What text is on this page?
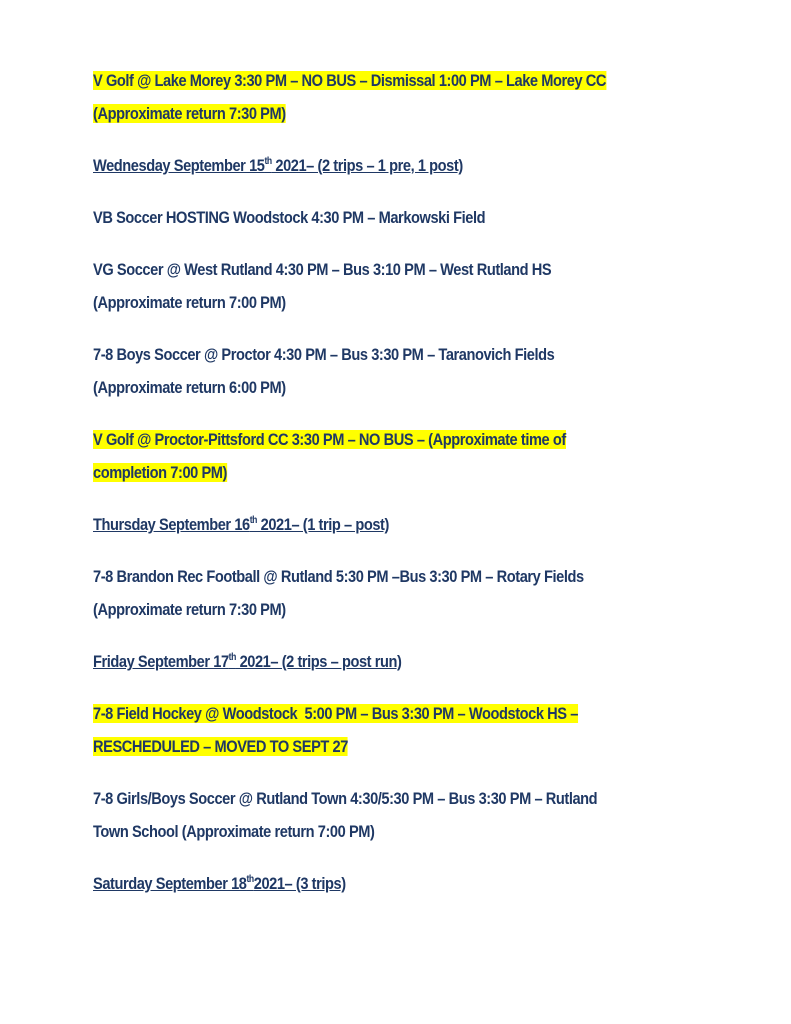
V Golf @ Lake Morey 3:30 PM – NO BUS – Dismissal 1:00 PM – Lake Morey CC
(Approximate return 7:30 PM)
Wednesday September 15th 2021– (2 trips – 1 pre, 1 post)
VB Soccer HOSTING Woodstock 4:30 PM – Markowski Field
VG Soccer @ West Rutland 4:30 PM – Bus 3:10 PM – West Rutland HS
(Approximate return 7:00 PM)
7-8 Boys Soccer @ Proctor 4:30 PM – Bus 3:30 PM – Taranovich Fields
(Approximate return 6:00 PM)
V Golf @ Proctor-Pittsford CC 3:30 PM – NO BUS – (Approximate time of
completion 7:00 PM)
Thursday September 16th 2021– (1 trip – post)
7-8 Brandon Rec Football @ Rutland 5:30 PM –Bus 3:30 PM – Rotary Fields
(Approximate return 7:30 PM)
Friday September 17th 2021– (2 trips – post run)
7-8 Field Hockey @ Woodstock  5:00 PM – Bus 3:30 PM – Woodstock HS –
RESCHEDULED – MOVED TO SEPT 27
7-8 Girls/Boys Soccer @ Rutland Town 4:30/5:30 PM – Bus 3:30 PM – Rutland
Town School (Approximate return 7:00 PM)
Saturday September 18th2021– (3 trips)
